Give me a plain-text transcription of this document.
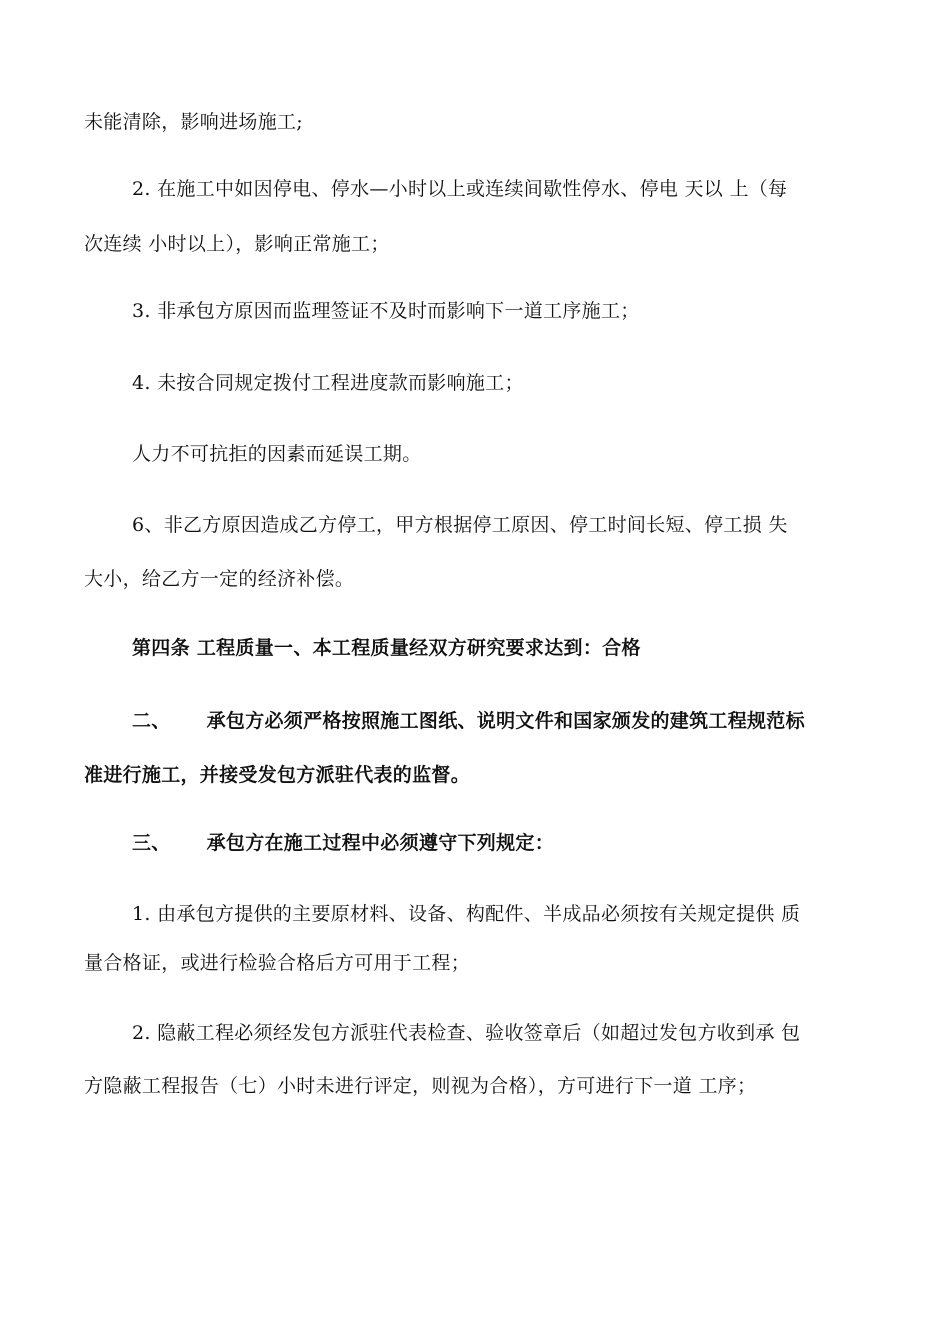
未能清除，影响进场施工;
2. 在施工中如因停电、停水—小时以上或连续间歇性停水、停电 天以 上（每
次连续 小时以上），影响正常施工；
3. 非承包方原因而监理签证不及时而影响下一道工序施工；
4. 未按合同规定拨付工程进度款而影响施工；
人力不可抗拒的因素而延误工期。
6、非乙方原因造成乙方停工，甲方根据停工原因、停工时间长短、停工损 失
大小，给乙方一定的经济补偿。
第四条 工程质量一、本工程质量经双方研究要求达到：合格
二、 承包方必须严格按照施工图纸、说明文件和国家颁发的建筑工程规范标
准进行施工，并接受发包方派驻代表的监督。
三、 承包方在施工过程中必须遵守下列规定：
1. 由承包方提供的主要原材料、设备、构配件、半成品必须按有关规定提供 质
量合格证，或进行检验合格后方可用于工程；
2. 隐蔽工程必须经发包方派驻代表检查、验收签章后（如超过发包方收到承 包
方隐蔽工程报告（七）小时未进行评定，则视为合格），方可进行下一道 工序；
